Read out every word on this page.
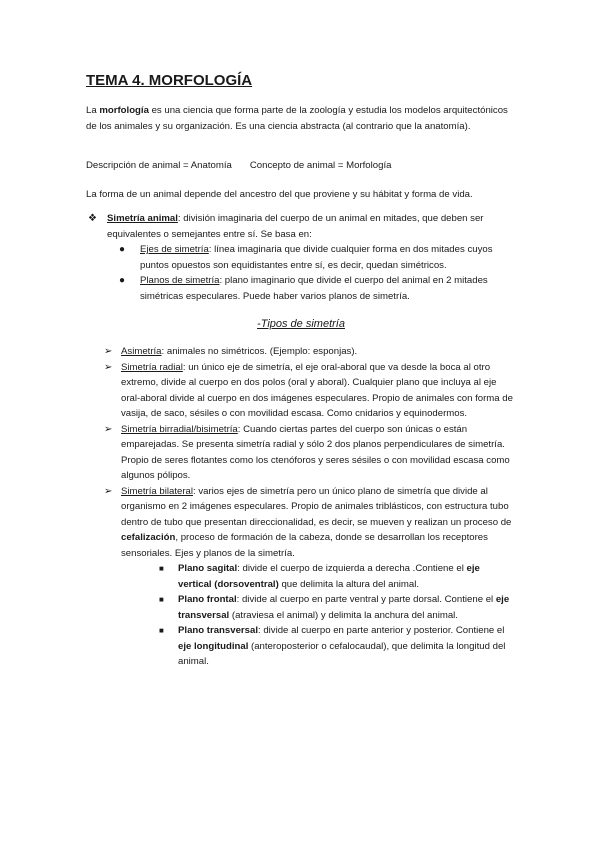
TEMA 4. MORFOLOGÍA

La morfología es una ciencia que forma parte de la zoología y estudia los modelos arquitectónicos de los animales y su organización. Es una ciencia abstracta (al contrario que la anatomía).

Descripción de animal = Anatomía Concepto de animal = Morfología

La forma de un animal depende del ancestro del que proviene y su hábitat y forma de vida.

❖ Simetría animal: división imaginaria del cuerpo de un animal en mitades, que deben ser equivalentes o semejantes entre sí. Se basa en:

● Ejes de simetría: línea imaginaria que divide cualquier forma en dos mitades cuyos puntos opuestos son equidistantes entre sí, es decir, quedan simétricos.

● Planos de simetría: plano imaginario que divide el cuerpo del animal en 2 mitades simétricas especulares. Puede haber varios planos de simetría.

-Tipos de simetría
➢ Asimetría: animales no simétricos. (Ejemplo: esponjas).

➢ Simetría radial: un único eje de simetría, el eje oral-aboral que va desde la boca al otro extremo, divide al cuerpo en dos polos (oral y aboral). Cualquier plano que incluya al eje oral-aboral divide al cuerpo en dos imágenes especulares. Propio de animales con forma de vasija, de saco, sésiles o con movilidad escasa. Como cnidarios y equinodermos.

➢ Simetría birradial/bisimetría: Cuando ciertas partes del cuerpo son únicas o están emparejadas. Se presenta simetría radial y sólo 2 dos planos perpendiculares de simetría. Propio de seres flotantes como los ctenóforos y seres sésiles o con movilidad escasa como algunos pólipos.

➢ Simetría bilateral: varios ejes de simetría pero un único plano de simetría que divide al organismo en 2 imágenes especulares. Propio de animales triblásticos, con estructura tubo dentro de tubo que presentan direccionalidad, es decir, se mueven y realizan un proceso de cefalización, proceso de formación de la cabeza, donde se desarrollan los receptores sensoriales. Ejes y planos de la simetría.

■ Plano sagital: divide el cuerpo de izquierda a derecha .Contiene el eje vertical (dorsoventral) que delimita la altura del animal.

■ Plano frontal: divide al cuerpo en parte ventral y parte dorsal. Contiene el eje transversal (atraviesa el animal) y delimita la anchura del animal.

■ Plano transversal: divide al cuerpo en parte anterior y posterior. Contiene el eje longitudinal (anteroposterior o cefalocaudal), que delimita la longitud del animal.
